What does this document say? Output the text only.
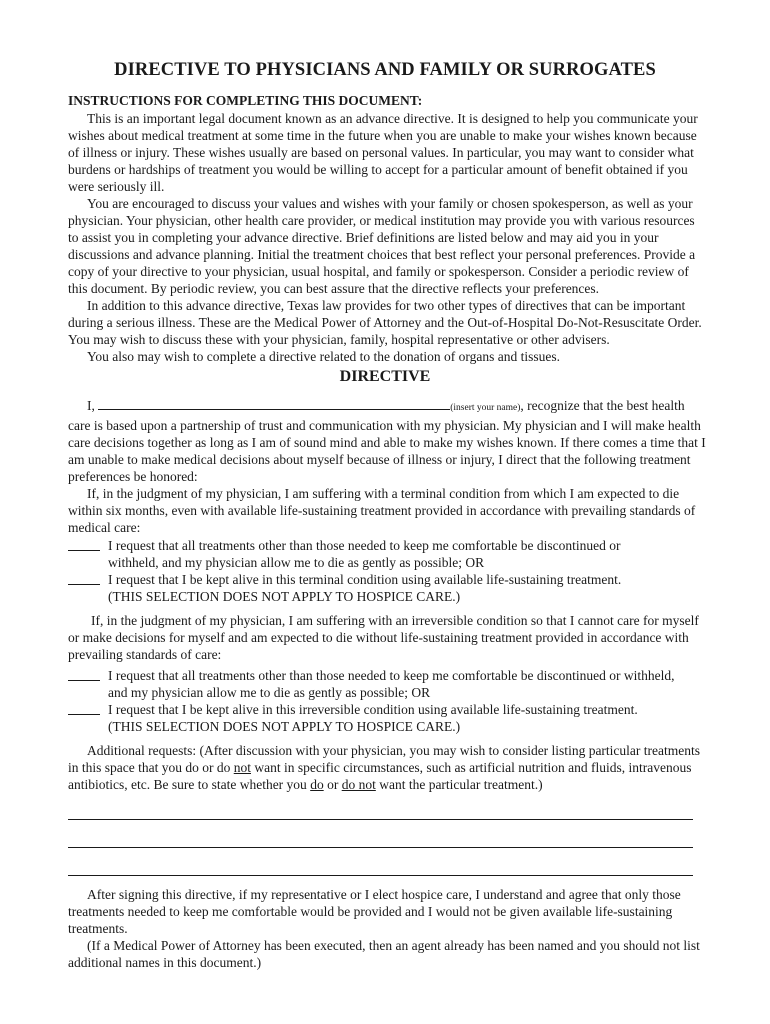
DIRECTIVE TO PHYSICIANS AND FAMILY OR SURROGATES
INSTRUCTIONS FOR COMPLETING THIS DOCUMENT:

This is an important legal document known as an advance directive. It is designed to help you communicate your wishes about medical treatment at some time in the future when you are unable to make your wishes known because of illness or injury. These wishes usually are based on personal values. In particular, you may want to consider what burdens or hardships of treatment you would be willing to accept for a particular amount of benefit obtained if you were seriously ill.

You are encouraged to discuss your values and wishes with your family or chosen spokesperson, as well as your physician. Your physician, other health care provider, or medical institution may provide you with various resources to assist you in completing your advance directive. Brief definitions are listed below and may aid you in your discussions and advance planning. Initial the treatment choices that best reflect your personal preferences. Provide a copy of your directive to your physician, usual hospital, and family or spokesperson. Consider a periodic review of this document. By periodic review, you can best assure that the directive reflects your preferences.

In addition to this advance directive, Texas law provides for two other types of directives that can be important during a serious illness. These are the Medical Power of Attorney and the Out-of-Hospital Do-Not-Resuscitate Order. You may wish to discuss these with your physician, family, hospital representative or other advisers.

You also may wish to complete a directive related to the donation of organs and tissues.

DIRECTIVE

I,	(insert your name), recognize that the best health care is based upon a partnership of trust and communication with my physician. My physician and I will make health care decisions together as long as I am of sound mind and able to make my wishes known. If there comes a time that I am unable to make medical decisions about myself because of illness or injury, I direct that the following treatment preferences be honored:

If, in the judgment of my physician, I am suffering with a terminal condition from which I am expected to die within six months, even with available life-sustaining treatment provided in accordance with prevailing standards of medical care:

I request that all treatments other than those needed to keep me comfortable be discontinued or
withheld, and my physician allow me to die as gently as possible; OR
I request that I be kept alive in this terminal condition using available life-sustaining treatment.
(THIS SELECTION DOES NOT APPLY TO HOSPICE CARE.)

If, in the judgment of my physician, I am suffering with an irreversible condition so that I cannot care for myself or make decisions for myself and am expected to die without life-sustaining treatment provided in accordance with prevailing standards of care:

I request that all treatments other than those needed to keep me comfortable be discontinued or withheld,
and my physician allow me to die as gently as possible; OR
I request that I be kept alive in this irreversible condition using available life-sustaining treatment.
(THIS SELECTION DOES NOT APPLY TO HOSPICE CARE.)

Additional requests: (After discussion with your physician, you may wish to consider listing particular treatments in this space that you do or do not want in specific circumstances, such as artificial nutrition and fluids, intravenous antibiotics, etc. Be sure to state whether you do or do not want the particular treatment.)

After signing this directive, if my representative or I elect hospice care, I understand and agree that only those treatments needed to keep me comfortable would be provided and I would not be given available life-sustaining treatments.

(If a Medical Power of Attorney has been executed, then an agent already has been named and you should not list additional names in this document.)
